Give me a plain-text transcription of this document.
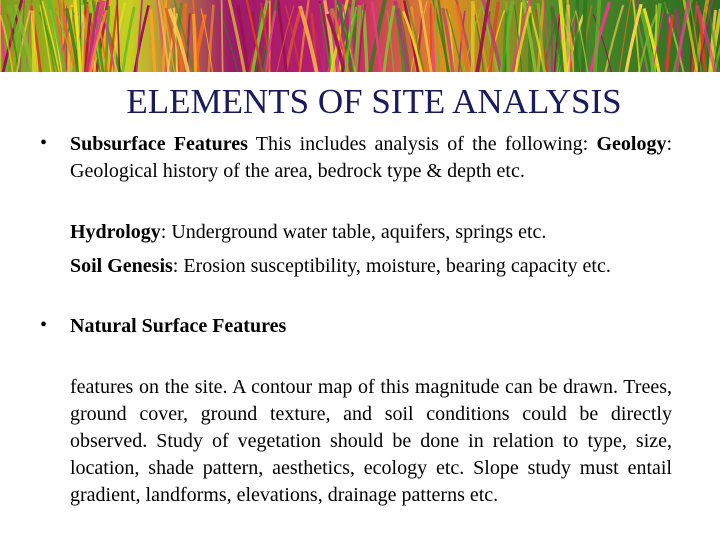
ELEMENTS OF SITE ANALYSIS
• Subsurface Features This includes analysis of the following: Geology: Geological history of the area, bedrock type & depth etc.
Hydrology: Underground water table, aquifers, springs etc.
Soil Genesis: Erosion susceptibility, moisture, bearing capacity etc.
• Natural Surface Features
features on the site. A contour map of this magnitude can be drawn. Trees, ground cover, ground texture, and soil conditions could be directly observed. Study of vegetation should be done in relation to type, size, location, shade pattern, aesthetics, ecology etc. Slope study must entail gradient, landforms, elevations, drainage patterns etc.
